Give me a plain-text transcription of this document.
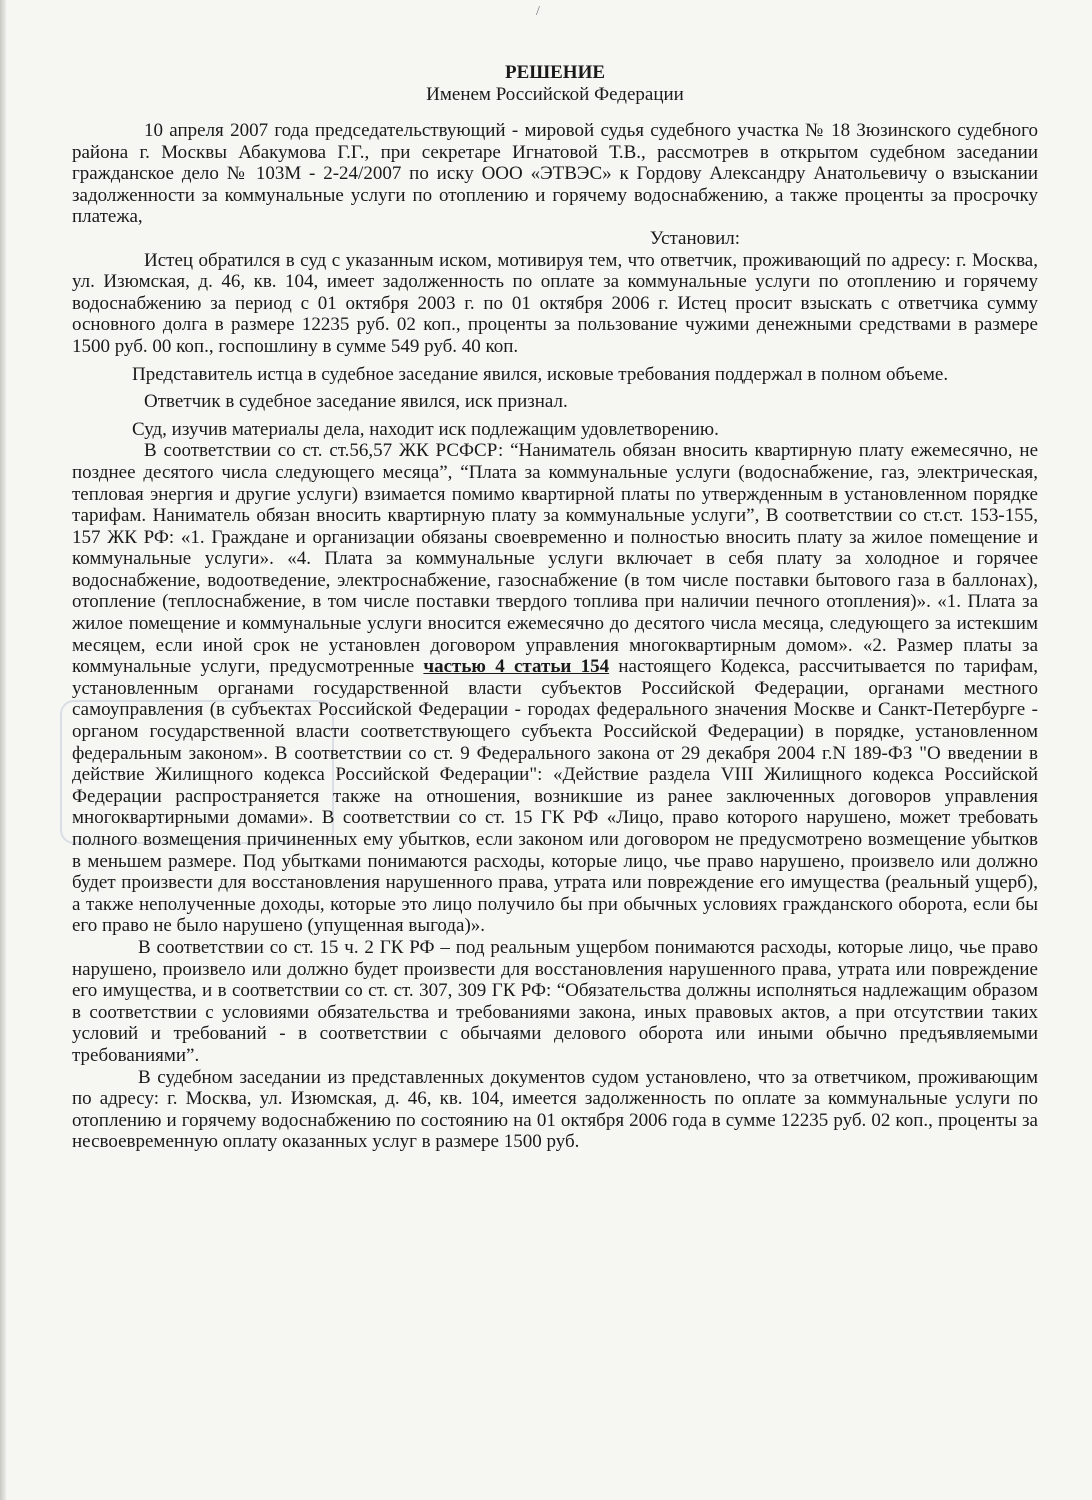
/

РЕШЕНИЕ

Именем Российской Федерации

10 апреля 2007 года председательствующий - мировой судья судебного участка № 18 Зюзинского судебного района г. Москвы Абакумова Г.Г., при секретаре Игнатовой Т.В., рассмотрев в открытом судебном заседании гражданское дело № 103М - 2-24/2007 по иску ООО «ЭТВЭС» к Гордову Александру Анатольевичу о взыскании задолженности за коммунальные услуги по отоплению и горячему водоснабжению, а также проценты за просрочку платежа,

Установил:

Истец обратился в суд с указанным иском, мотивируя тем, что ответчик, проживающий по адресу: г. Москва, ул. Изюмская, д. 46, кв. 104, имеет задолженность по оплате за коммунальные услуги по отоплению и горячему водоснабжению за период с 01 октября 2003 г. по 01 октября 2006 г. Истец просит взыскать с ответчика сумму основного долга в размере 12235 руб. 02 коп., проценты за пользование чужими денежными средствами в размере 1500 руб. 00 коп., госпошлину в сумме 549 руб. 40 коп.

Представитель истца в судебное заседание явился, исковые требования поддержал в полном объеме.

Ответчик в судебное заседание явился, иск признал.

Суд, изучив материалы дела, находит иск подлежащим удовлетворению.

В соответствии со ст. ст.56,57 ЖК РСФСР: “Наниматель обязан вносить квартирную плату ежемесячно, не позднее десятого числа следующего месяца”, “Плата за коммунальные услуги (водоснабжение, газ, электрическая, тепловая энергия и другие услуги) взимается помимо квартирной платы по утвержденным в установленном порядке тарифам. Наниматель обязан вносить квартирную плату за коммунальные услуги”, В соответствии со ст.ст. 153-155, 157 ЖК РФ: «1. Граждане и организации обязаны своевременно и полностью вносить плату за жилое помещение и коммунальные услуги». «4. Плата за коммунальные услуги включает в себя плату за холодное и горячее водоснабжение, водоотведение, электроснабжение, газоснабжение (в том числе поставки бытового газа в баллонах), отопление (теплоснабжение, в том числе поставки твердого топлива при наличии печного отопления)». «1. Плата за жилое помещение и коммунальные услуги вносится ежемесячно до десятого числа месяца, следующего за истекшим месяцем, если иной срок не установлен договором управления многоквартирным домом». «2. Размер платы за коммунальные услуги, предусмотренные частью 4 статьи 154 настоящего Кодекса, рассчитывается по тарифам, установленным органами государственной власти субъектов Российской Федерации, органами местного самоуправления (в субъектах Российской Федерации - городах федерального значения Москве и Санкт-Петербурге - органом государственной власти соответствующего субъекта Российской Федерации) в порядке, установленном федеральным законом». В соответствии со ст. 9 Федерального закона от 29 декабря 2004 г.N 189-ФЗ "О введении в действие Жилищного кодекса Российской Федерации": «Действие раздела VIII Жилищного кодекса Российской Федерации распространяется также на отношения, возникшие из ранее заключенных договоров управления многоквартирными домами». В соответствии со ст. 15 ГК РФ «Лицо, право которого нарушено, может требовать полного возмещения причиненных ему убытков, если законом или договором не предусмотрено возмещение убытков в меньшем размере. Под убытками понимаются расходы, которые лицо, чье право нарушено, произвело или должно будет произвести для восстановления нарушенного права, утрата или повреждение его имущества (реальный ущерб), а также неполученные доходы, которые это лицо получило бы при обычных условиях гражданского оборота, если бы его право не было нарушено (упущенная выгода)».

В соответствии со ст. 15 ч. 2 ГК РФ – под реальным ущербом понимаются расходы, которые лицо, чье право нарушено, произвело или должно будет произвести для восстановления нарушенного права, утрата или повреждение его имущества, и в соответствии со ст. ст. 307, 309 ГК РФ: “Обязательства должны исполняться надлежащим образом в соответствии с условиями обязательства и требованиями закона, иных правовых актов, а при отсутствии таких условий и требований - в соответствии с обычаями делового оборота или иными обычно предъявляемыми требованиями”.

В судебном заседании из представленных документов судом установлено, что за ответчиком, проживающим по адресу: г. Москва, ул. Изюмская, д. 46, кв. 104, имеется задолженность по оплате за коммунальные услуги по отоплению и горячему водоснабжению по состоянию на 01 октября 2006 года в сумме 12235 руб. 02 коп., проценты за несвоевременную оплату оказанных услуг в размере 1500 руб.
